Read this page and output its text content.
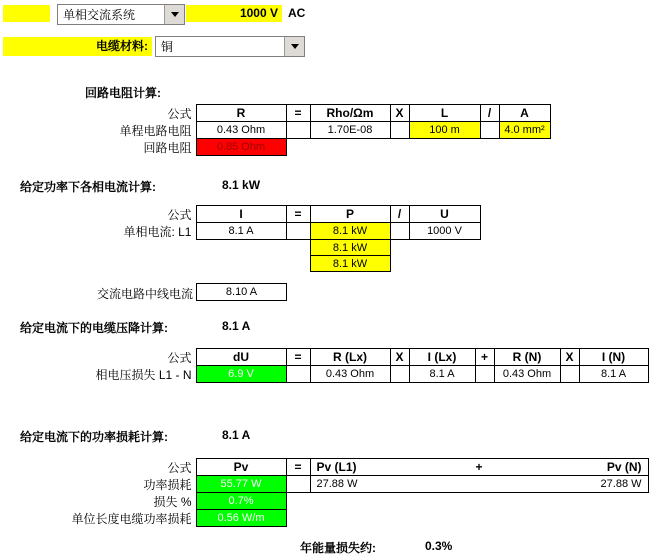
单相交流系统	1000 V AC
电缆材料:	铜
回路电阻计算:
公式	R	=	Rho/Ωm	X	L	/	A
单程电路电阻	0.43 Ohm		1.70E-08		100 m		4.0 mm²
回路电阻	0.85 Ohm						
给定功率下各相电流计算:	8.1 kW
公式	I	=	P	/	U
单相电流: L1	8.1 A		8.1 kW		1000 V
			8.1 kW		
			8.1 kW		
交流电路中线电流	8.10 A
给定电流下的电缆压降计算:	8.1 A
公式	dU	=	R (Lx)	X	I (Lx)	+	R (N)	X	I (N)
相电压损失 L1 - N	6.9 V		0.43 Ohm		8.1 A		0.43 Ohm		8.1 A
给定电流下的功率损耗计算:	8.1 A
公式	Pv	=	Pv (L1) + Pv (N)

功率损耗	55.77 W		27.88 W 27.88 W

损失 %	0.7%		
单位长度电缆功率损耗	0.56 W/m		
年能量损失约:	0.3%
